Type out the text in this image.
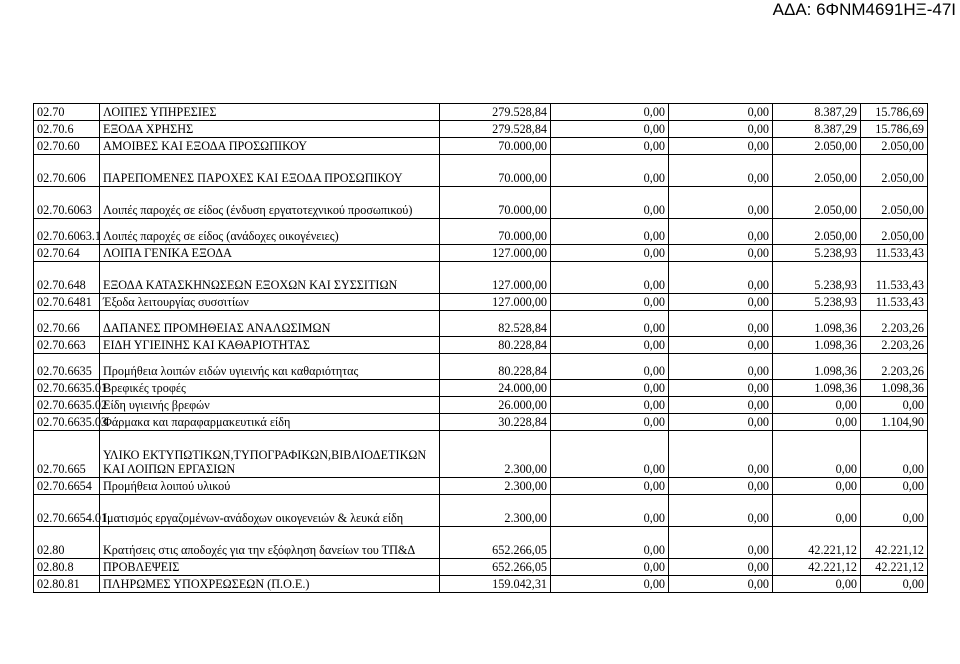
ΑΔΑ: 6ΦΝΜ4691ΗΞ-47Ι
02.70	ΛΟΙΠΕΣ ΥΠΗΡΕΣΙΕΣ	279.528,84	0,00	0,00	8.387,29	15.786,69
02.70.6	ΕΞΟΔΑ ΧΡΗΣΗΣ	279.528,84	0,00	0,00	8.387,29	15.786,69
02.70.60	ΑΜΟΙΒΕΣ ΚΑΙ ΕΞΟΔΑ ΠΡΟΣΩΠΙΚΟΥ	70.000,00	0,00	0,00	2.050,00	2.050,00
02.70.606	ΠΑΡΕΠΟΜΕΝΕΣ ΠΑΡΟΧΕΣ ΚΑΙ ΕΞΟΔΑ ΠΡΟΣΩΠΙΚΟΥ	70.000,00	0,00	0,00	2.050,00	2.050,00
02.70.6063	Λοιπές παροχές σε είδος (ένδυση εργατοτεχνικού προσωπικού)	70.000,00	0,00	0,00	2.050,00	2.050,00
02.70.6063.1	Λοιπές παροχές σε είδος (ανάδοχες οικογένειες)	70.000,00	0,00	0,00	2.050,00	2.050,00
02.70.64	ΛΟΙΠΑ ΓΕΝΙΚΑ ΕΞΟΔΑ	127.000,00	0,00	0,00	5.238,93	11.533,43
02.70.648	ΕΞΟΔΑ ΚΑΤΑΣΚΗΝΩΣΕΩΝ ΕΞΟΧΩΝ ΚΑΙ ΣΥΣΣΙΤΙΩΝ	127.000,00	0,00	0,00	5.238,93	11.533,43
02.70.6481	Έξοδα λειτουργίας συσσιτίων	127.000,00	0,00	0,00	5.238,93	11.533,43
02.70.66	ΔΑΠΑΝΕΣ ΠΡΟΜΗΘΕΙΑΣ ΑΝΑΛΩΣΙΜΩΝ	82.528,84	0,00	0,00	1.098,36	2.203,26
02.70.663	ΕΙΔΗ ΥΓΙΕΙΝΗΣ ΚΑΙ ΚΑΘΑΡΙΟΤΗΤΑΣ	80.228,84	0,00	0,00	1.098,36	2.203,26
02.70.6635	Προμήθεια λοιπών ειδών υγιεινής και καθαριότητας	80.228,84	0,00	0,00	1.098,36	2.203,26
02.70.6635.01	Βρεφικές τροφές	24.000,00	0,00	0,00	1.098,36	1.098,36
02.70.6635.02	Είδη υγιεινής βρεφών	26.000,00	0,00	0,00	0,00	0,00
02.70.6635.03	Φάρμακα και παραφαρμακευτικά είδη	30.228,84	0,00	0,00	0,00	1.104,90
02.70.665	ΥΛΙΚΟ ΕΚΤΥΠΩΤΙΚΩΝ,ΤΥΠΟΓΡΑΦΙΚΩΝ,ΒΙΒΛΙΟΔΕΤΙΚΩΝ ΚΑΙ ΛΟΙΠΩΝ ΕΡΓΑΣΙΩΝ	2.300,00	0,00	0,00	0,00	0,00
02.70.6654	Προμήθεια λοιπού υλικού	2.300,00	0,00	0,00	0,00	0,00
02.70.6654.01	Ιματισμός εργαζομένων-ανάδοχων οικογενειών & λευκά είδη	2.300,00	0,00	0,00	0,00	0,00
02.80	Κρατήσεις στις αποδοχές για την εξόφληση δανείων του ΤΠ&Δ	652.266,05	0,00	0,00	42.221,12	42.221,12
02.80.8	ΠΡΟΒΛΕΨΕΙΣ	652.266,05	0,00	0,00	42.221,12	42.221,12
02.80.81	ΠΛΗΡΩΜΕΣ ΥΠΟΧΡΕΩΣΕΩΝ (Π.Ο.Ε.)	159.042,31	0,00	0,00	0,00	0,00
